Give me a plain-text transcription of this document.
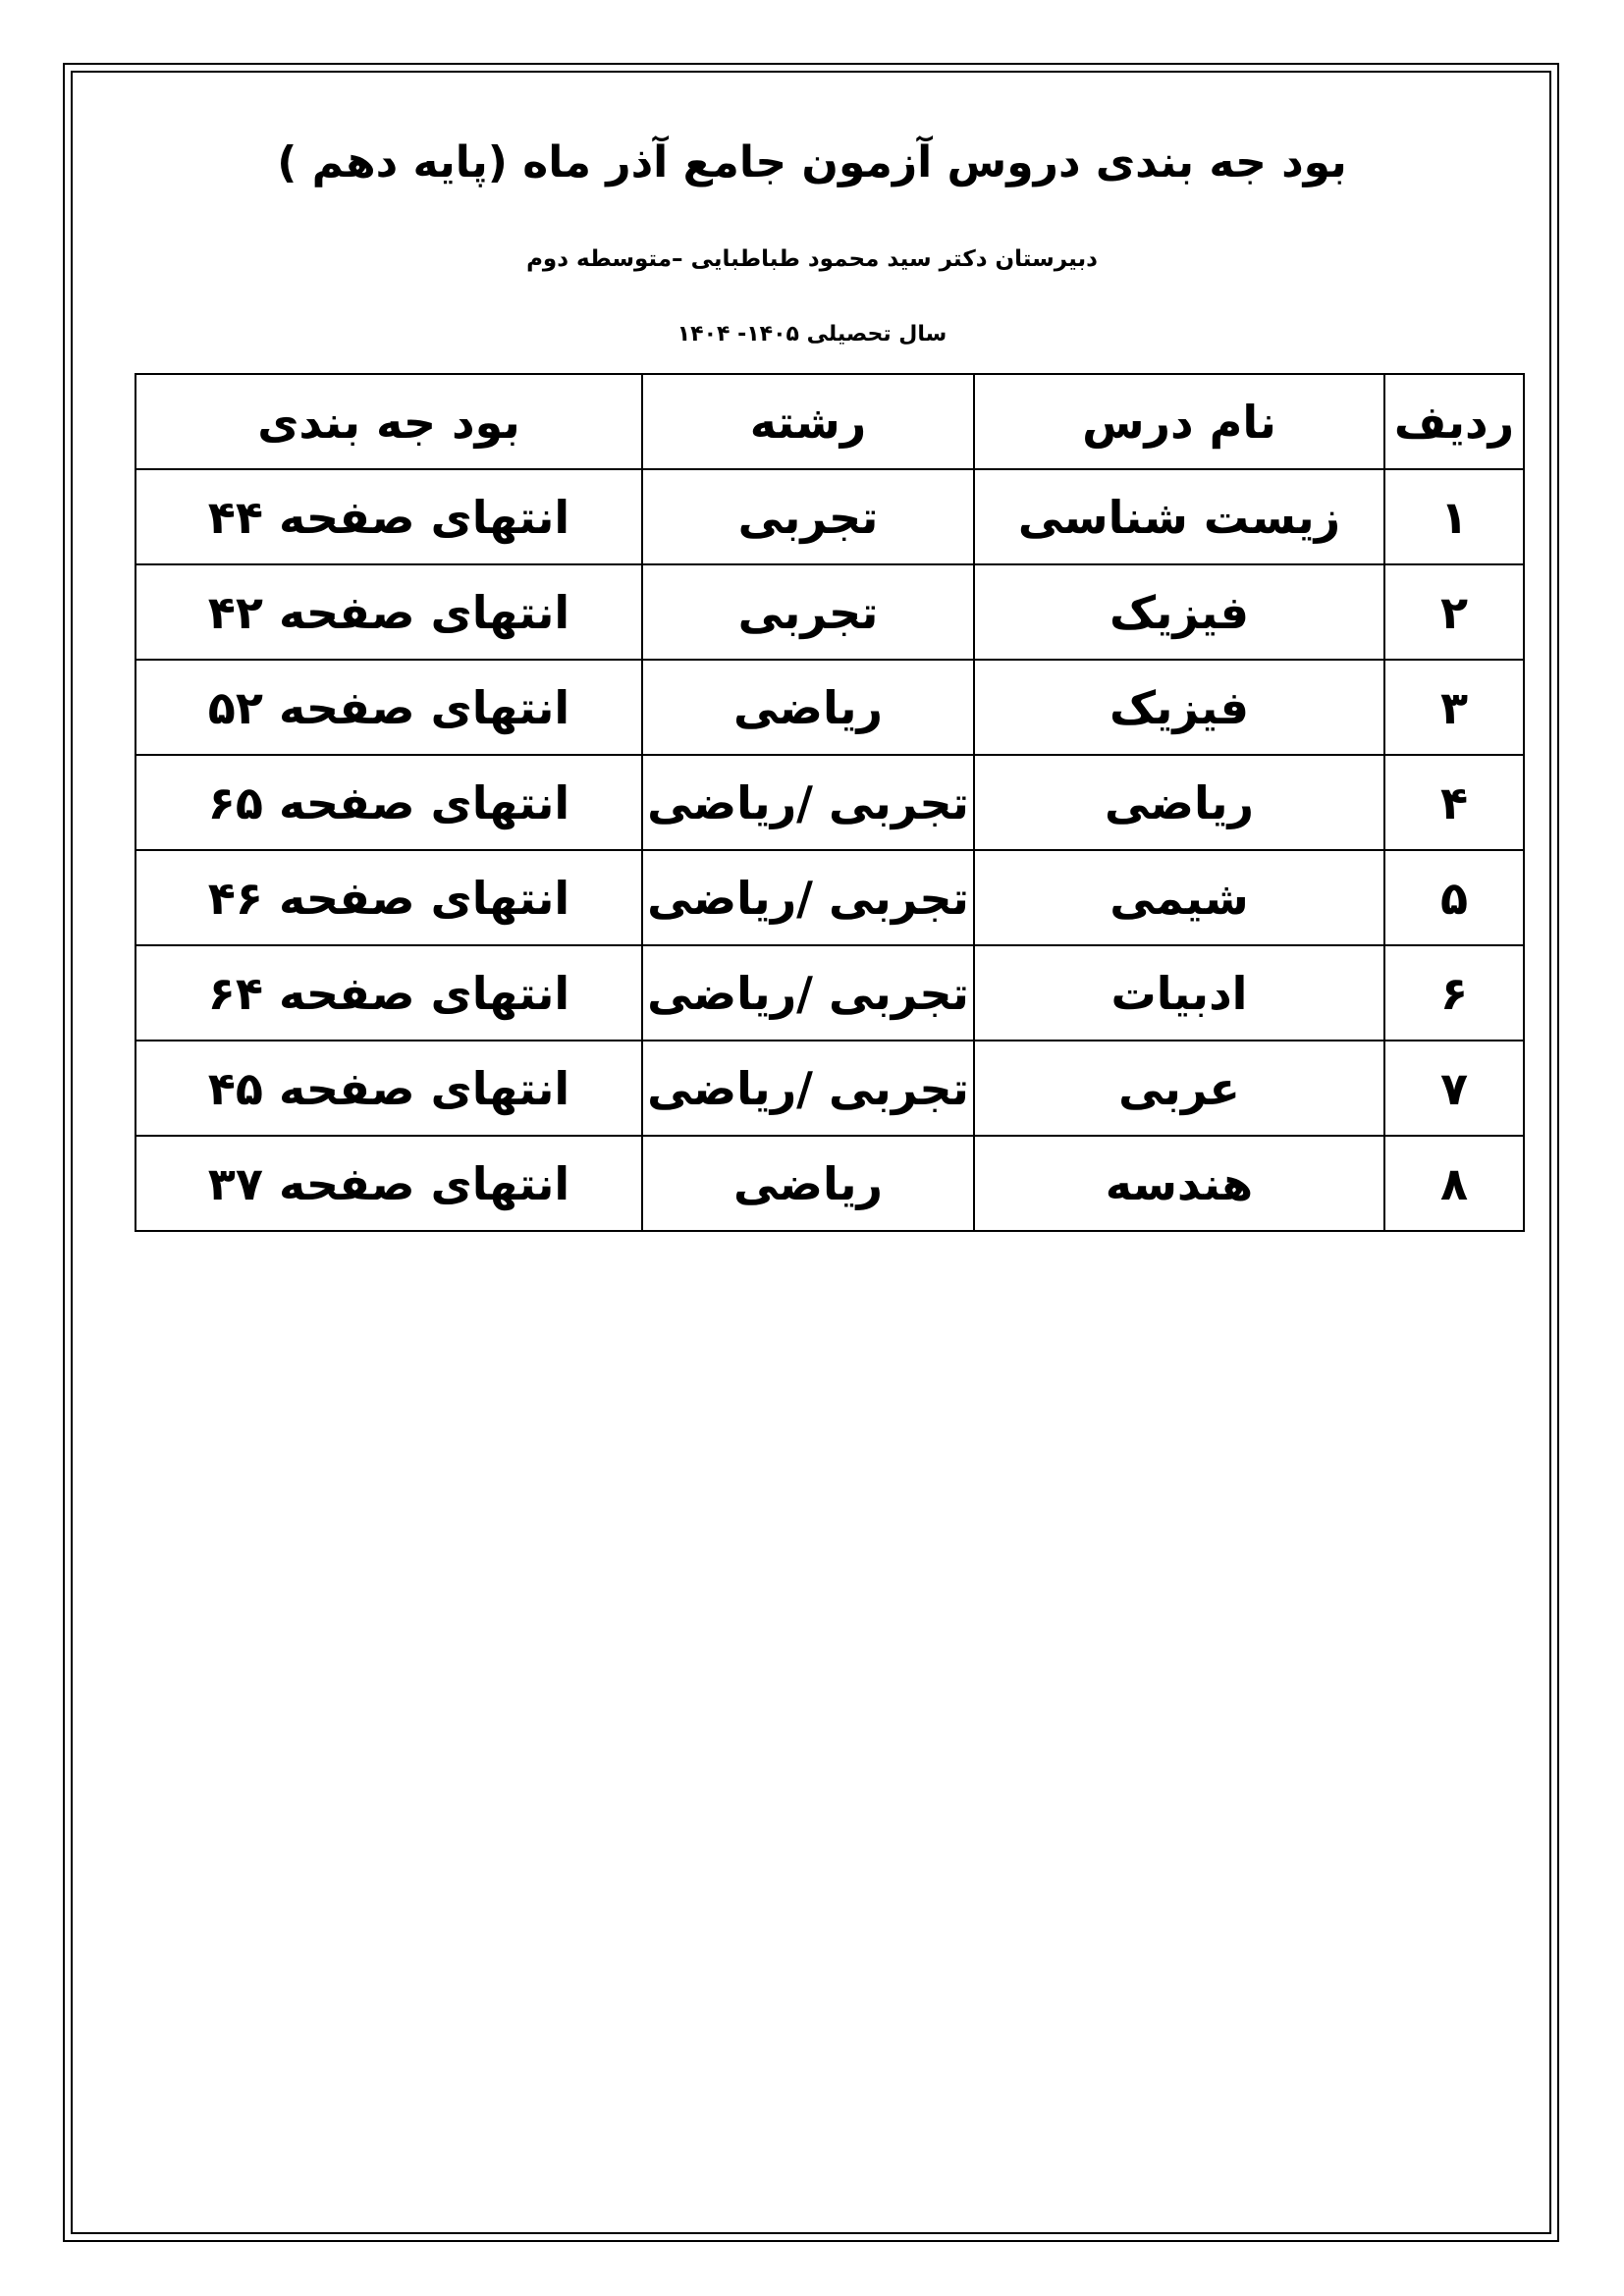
بود جه بندی دروس آزمون جامع آذر ماه (پایه دهم )
دبیرستان دکتر سید محمود طباطبایی –متوسطه دوم
سال تحصیلی ۱۴۰۵- ۱۴۰۴
ردیف	نام درس	رشته	بود جه بندی
۱	زیست شناسی	تجربی	انتهای صفحه ۴۴
۲	فیزیک	تجربی	انتهای صفحه ۴۲
۳	فیزیک	ریاضی	انتهای صفحه ۵۲
۴	ریاضی	تجربی /ریاضی	انتهای صفحه ۶۵
۵	شیمی	تجربی /ریاضی	انتهای صفحه ۴۶
۶	ادبیات	تجربی /ریاضی	انتهای صفحه ۶۴
۷	عربی	تجربی /ریاضی	انتهای صفحه ۴۵
۸	هندسه	ریاضی	انتهای صفحه ۳۷
